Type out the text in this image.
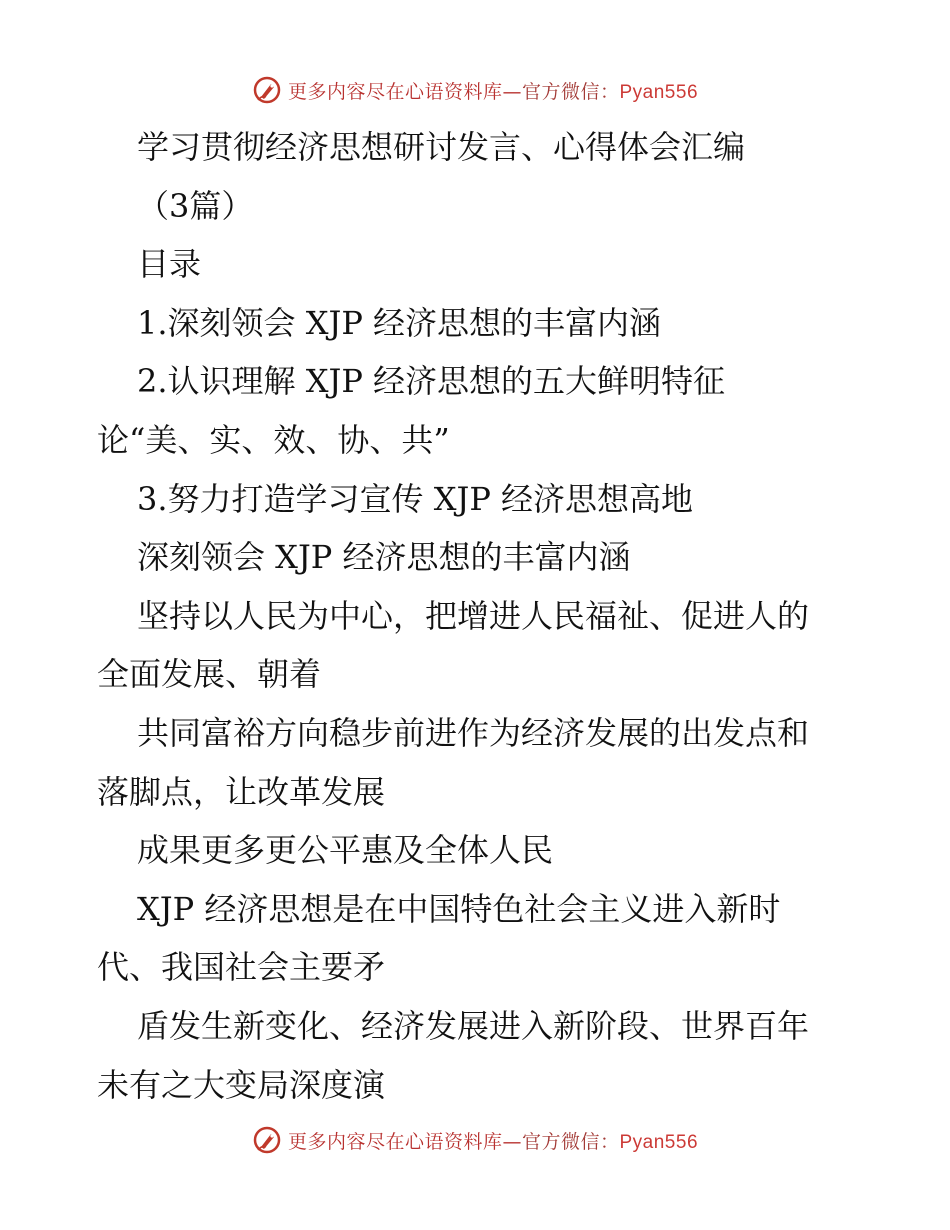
更多内容尽在心语资料库—官方微信：Pyan556
学习贯彻经济思想研讨发言、心得体会汇编
（3篇）
目录
1.深刻领会 XJP 经济思想的丰富内涵
2.认识理解 XJP 经济思想的五大鲜明特征
论“美、实、效、协、共”
3.努力打造学习宣传 XJP 经济思想高地
深刻领会 XJP 经济思想的丰富内涵
坚持以人民为中心，把增进人民福祉、促进人的
全面发展、朝着
共同富裕方向稳步前进作为经济发展的出发点和
落脚点，让改革发展
成果更多更公平惠及全体人民
XJP 经济思想是在中国特色社会主义进入新时
代、我国社会主要矛
盾发生新变化、经济发展进入新阶段、世界百年
未有之大变局深度演
更多内容尽在心语资料库—官方微信：Pyan556
